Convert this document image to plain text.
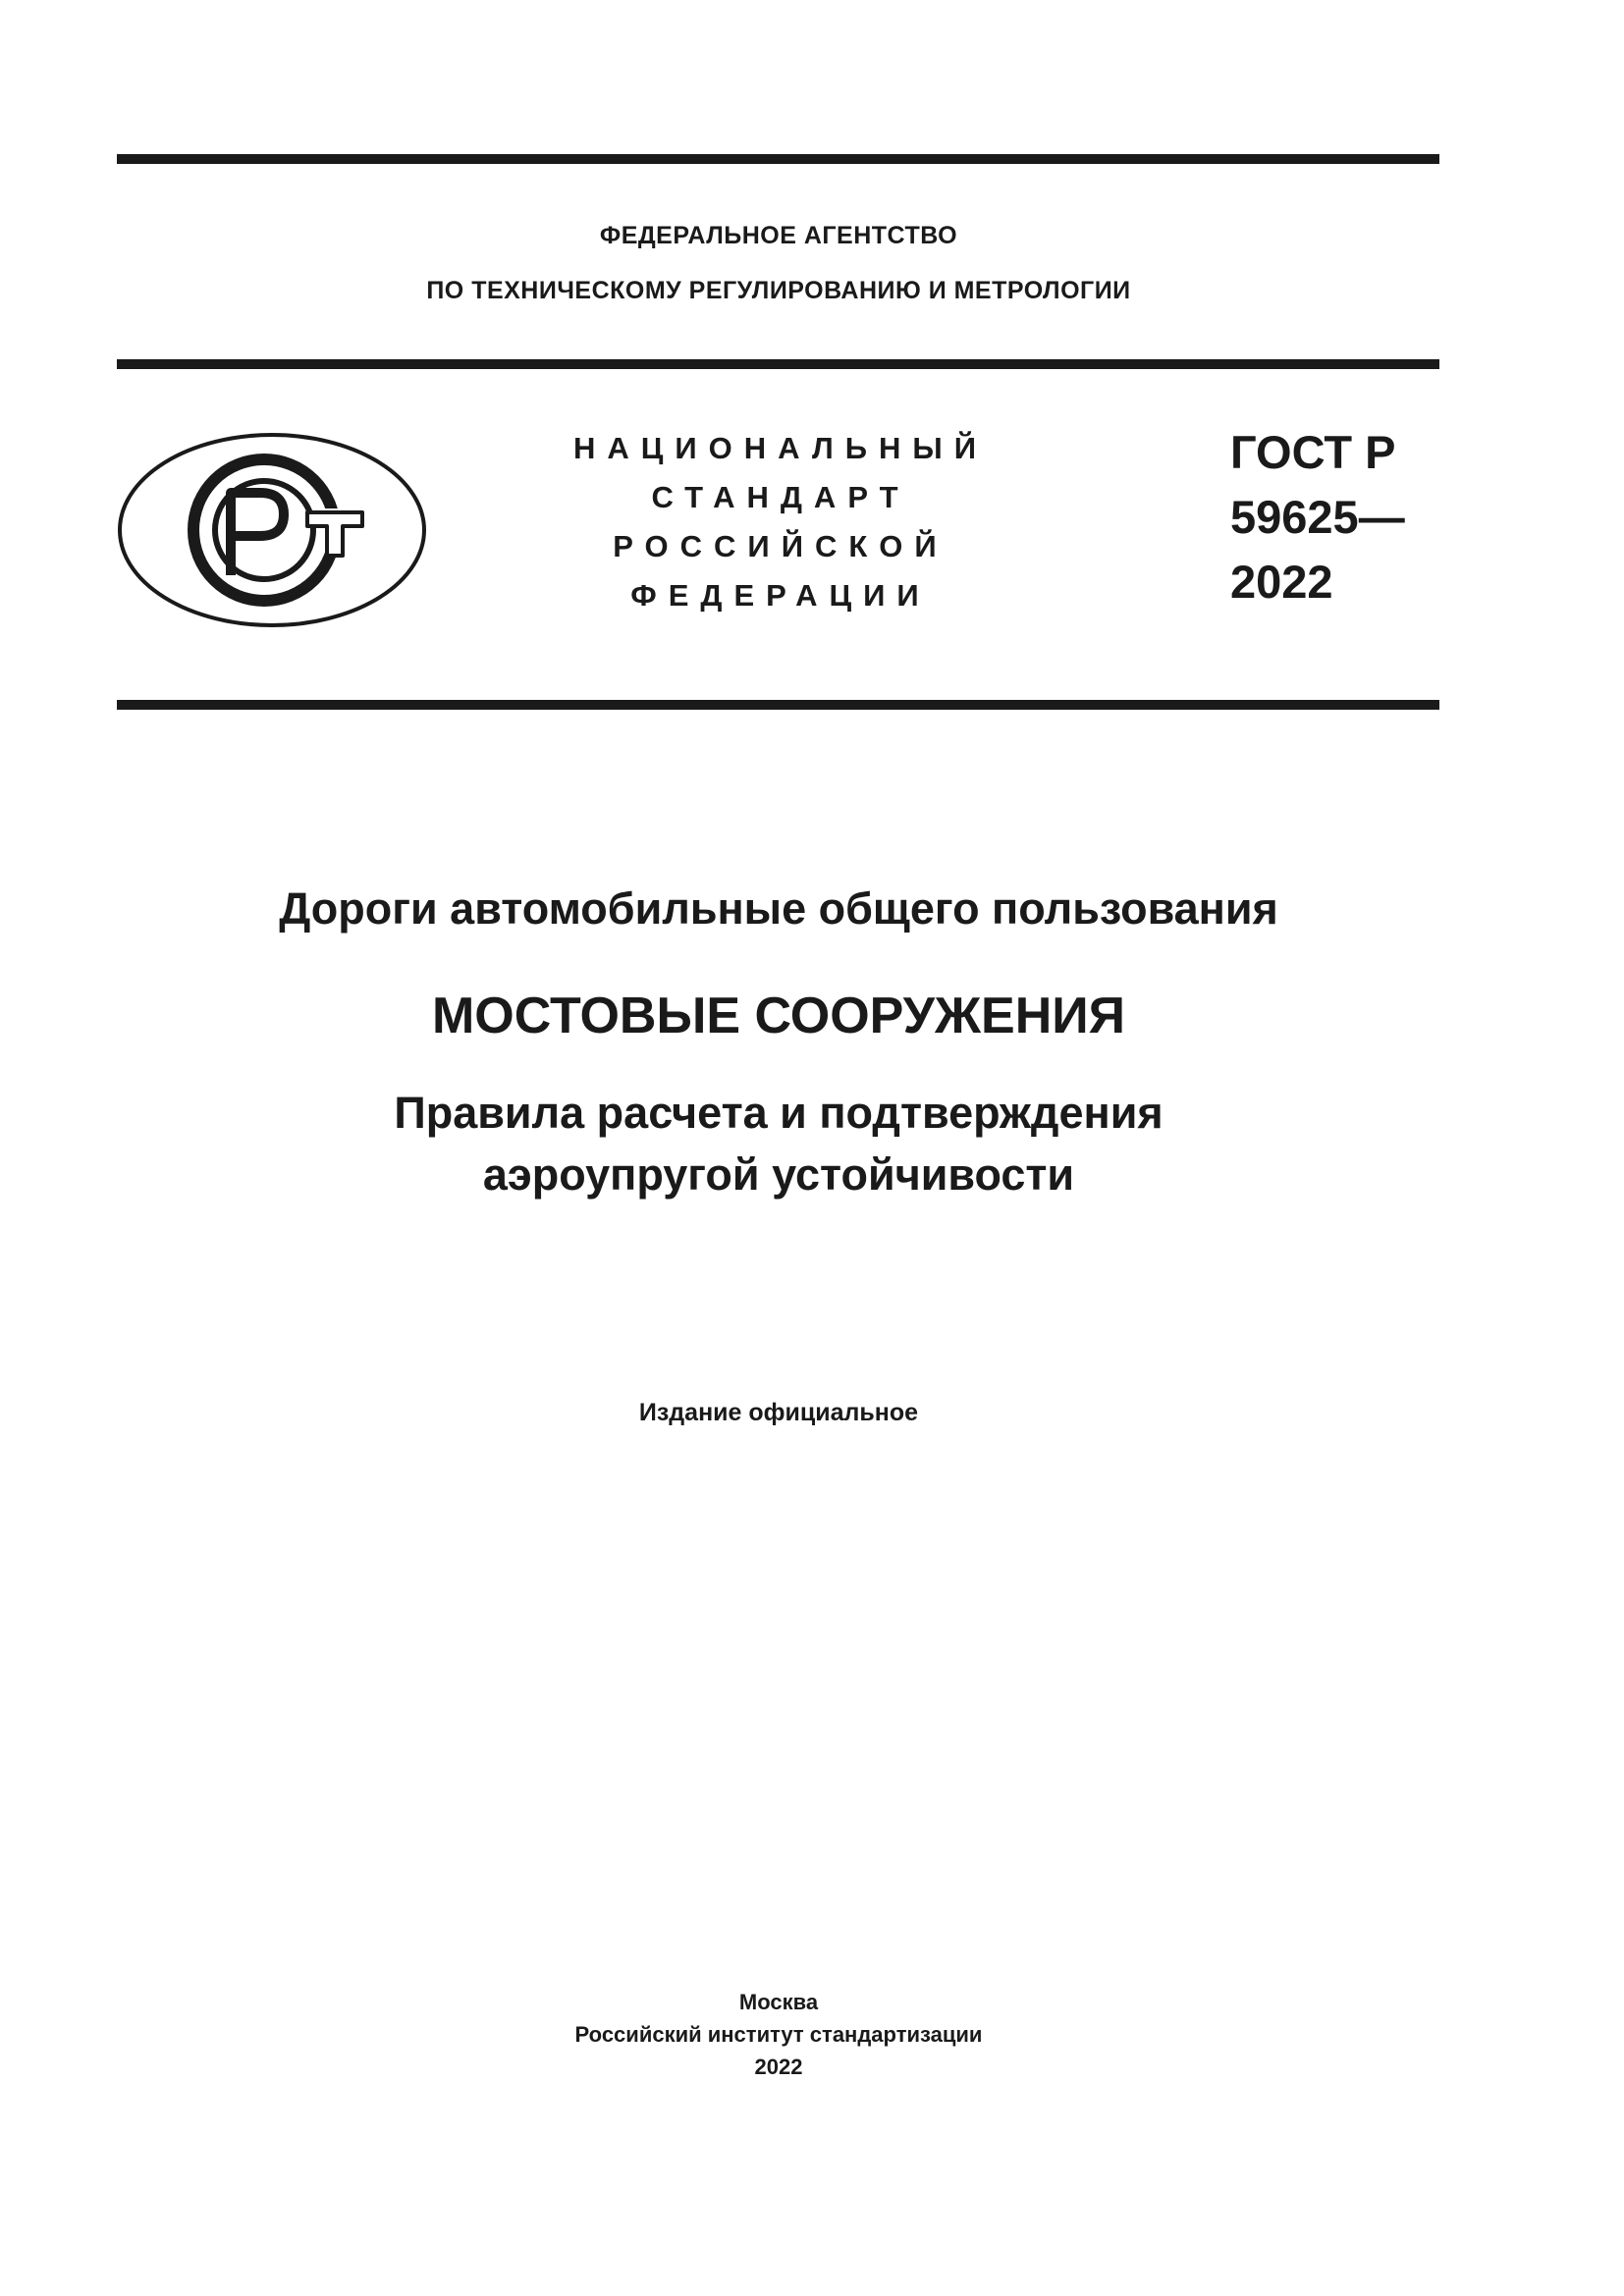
ФЕДЕРАЛЬНОЕ АГЕНТСТВО
ПО ТЕХНИЧЕСКОМУ РЕГУЛИРОВАНИЮ И МЕТРОЛОГИИ
НАЦИОНАЛЬНЫЙ
СТАНДАРТ
РОССИЙСКОЙ
ФЕДЕРАЦИИ
ГОСТ Р
59625—
2022
Дороги автомобильные общего пользования
МОСТОВЫЕ СООРУЖЕНИЯ
Правила расчета и подтверждения
аэроупругой устойчивости
Издание официальное
Москва
Российский институт стандартизации
2022
